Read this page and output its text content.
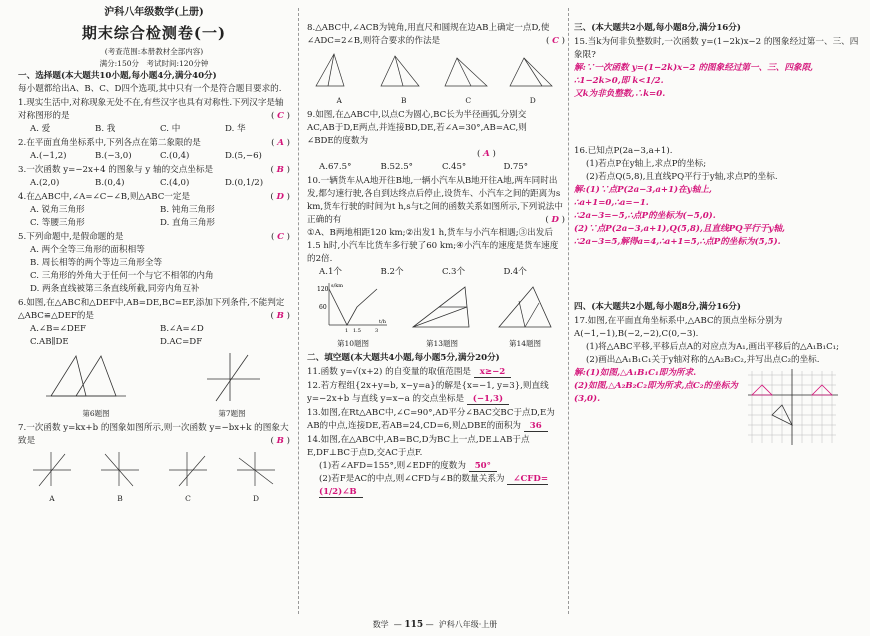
沪科八年级数学(上册)
期末综合检测卷(一)
(考查范围:本册教材全部内容)
满分:150分　考试时间:120分钟

一、选择题(本大题共10小题,每小题4分,满分40分)

每小题都给出A、B、C、D四个选项,其中只有一个是符合题目要求的.

1.现实生活中,对称现象无处不在,有些汉字也具有对称性.下列汉字是轴对称图形的是	( C )

A. 爱	B. 我	C. 中	D. 华

2.在平面直角坐标系中,下列各点在第二象限的是	( A )

A.(−1,2)	B.(−3,0)	C.(0,4)	D.(5,−6)

3.一次函数 y=−2x+4 的图象与 y 轴的交点坐标是	( B )

A.(2,0)	B.(0,4)	C.(4,0)	D.(0,1/2)

4.在△ABC中,∠A=∠C−∠B,则△ABC一定是	( D )

A. 锐角三角形	B. 钝角三角形
C. 等腰三角形	D. 直角三角形

5.下列命题中,是假命题的是	( C )

A. 两个全等三角形的面积相等

B. 周长相等的两个等边三角形全等

C. 三角形的外角大于任何一个与它不相邻的内角

D. 两条直线被第三条直线所截,同旁内角互补

6.如图,在△ABC和△DEF中,AB=DE,BC=EF,添加下列条件,不能判定△ABC≌△DEF的是	( B )

A.∠B=∠DEF	B.∠A=∠D
C.AB∥DE	D.AC=DF
第6题图	第7题图

7.一次函数 y=kx+b 的图象如图所示,则一次函数 y=−bx+k 的图象大致是	( B )

A	B	C	D

8.△ABC中,∠ACB为钝角,用直尺和圆规在边AB上确定一点D,使∠ADC=2∠B,则符合要求的作法是	( C )

A	B	C	D

9.如图,在△ABC中,以点C为圆心,BC长为半径画弧,分别交AC,AB于D,E两点,并连接BD,DE,若∠A=30°,AB=AC,则∠BDE的度数为

( A )

A.67.5°	B.52.5°	C.45°	D.75°

10.一辆货车从A地开往B地,一辆小汽车从B地开往A地,两车同时出发,都匀速行驶,各自到达终点后停止,设货车、小汽车之间的距离为s km,货车行驶的时间为t h,s与t之间的函数关系如图所示,下列说法中正确的有	( D )

①A、B两地相距120 km;②出发1 h,货车与小汽车相遇;③出发后1.5 h时,小汽车比货车多行驶了60 km;④小汽车的速度是货车速度的2倍.

A.1个	B.2个	C.3个	D.4个
120
60
s/km
1 1.5	3
t/h
第10题图	第13题图	第14题图

二、填空题(本大题共4小题,每小题5分,满分20分)

11.函数 y=√(x+2) 的自变量的取值范围是 x≥−2

12.若方程组{2x+y=b, x−y=a}的解是{x=−1, y=3},则直线 y=−2x+b 与直线 y=x−a 的交点坐标是 (−1,3)

13.如图,在Rt△ABC中,∠C=90°,AD平分∠BAC交BC于点D,E为AB的中点,连接DE,若AB=24,CD=6,则△DBE的面积为 36

14.如图,在△ABC中,AB=BC,D为BC上一点,DE⊥AB于点E,DF⊥BC于点D,交AC于点F.

(1)若∠AFD=155°,则∠EDF的度数为 50°

(2)若F是AC的中点,则∠CFD与∠B的数量关系为 ∠CFD=(1/2)∠B

三、(本大题共2小题,每小题8分,满分16分)

15.当k为何非负整数时,一次函数 y=(1−2k)x−2 的图象经过第一、三、四象限?

解:∵一次函数 y=(1−2k)x−2 的图象经过第一、三、四象限,

∴1−2k>0,即 k<1/2.

又k为非负整数,∴k=0.

16.已知点P(2a−3,a+1).

(1)若点P在y轴上,求点P的坐标;

(2)若点Q(5,8),且直线PQ平行于y轴,求点P的坐标.

解:(1)∵点P(2a−3,a+1)在y轴上,

∴a+1=0,∴a=−1.

∴2a−3=−5,∴点P的坐标为(−5,0).

(2)∵点P(2a−3,a+1),Q(5,8),且直线PQ平行于y轴,

∴2a−3=5,解得a=4,∴a+1=5,∴点P的坐标为(5,5).

四、(本大题共2小题,每小题8分,满分16分)

17.如图,在平面直角坐标系中,△ABC的顶点坐标分别为A(−1,−1),B(−2,−2),C(0,−3).

(1)将△ABC平移,平移后点A的对应点为A₁,画出平移后的△A₁B₁C₁;

(2)画出△A₁B₁C₁关于y轴对称的△A₂B₂C₂,并写出点C₂的坐标.

解:(1)如图,△A₁B₁C₁即为所求.

(2)如图,△A₂B₂C₂即为所求,点C₂的坐标为(3,0).

数学  — 115 —  沪科八年级·上册
